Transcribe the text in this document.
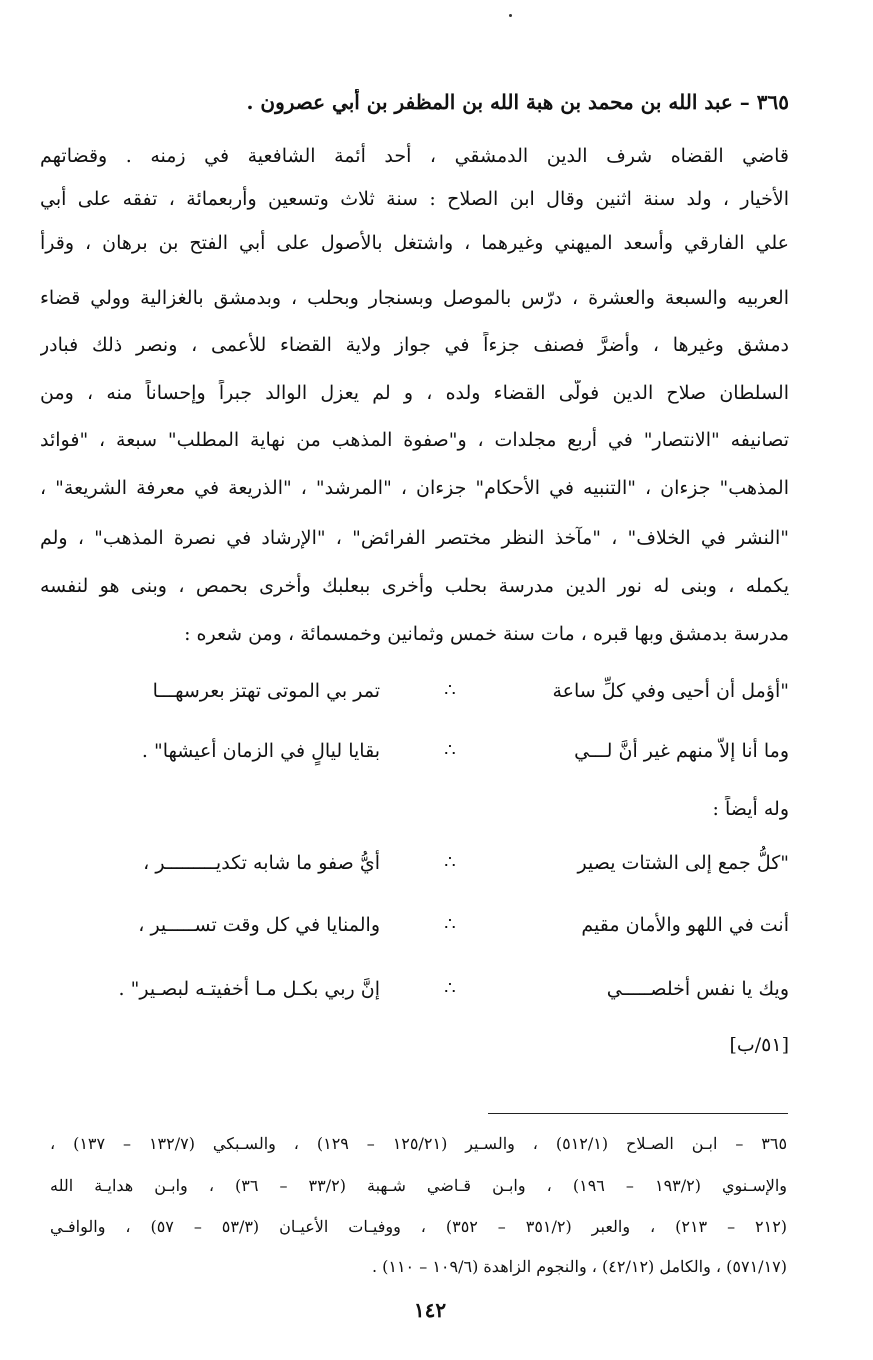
٣٦٥ – عبد الله بن محمد بن هبة الله بن المظفر بن أبي عصرون .
قاضي القضاه شرف الدين الدمشقي ، أحد أئمة الشافعية في زمنه . وقضاتهم
الأخيار ، ولد سنة اثنين وقال ابن الصلاح : سنة ثلاث وتسعين وأربعمائة ، تفقه على أبي
علي الفارقي وأسعد الميهني وغيرهما ، واشتغل بالأصول على أبي الفتح بن برهان ، وقرأ
العربيه والسبعة والعشرة ، درّس بالموصل وبسنجار وبحلب ، وبدمشق بالغزالية وولي قضاء
دمشق وغيرها ، وأضرَّ فصنف جزءاً في جواز ولاية القضاء للأعمى ، ونصر ذلك فبادر
السلطان صلاح الدين فولّى القضاء ولده ، و لم يعزل الوالد جبراً وإحساناً منه ، ومن
تصانيفه "الانتصار" في أربع مجلدات ، و"صفوة المذهب من نهاية المطلب" سبعة ، "فوائد
المذهب" جزءان ، "التنبيه في الأحكام" جزءان ، "المرشد" ، "الذريعة في معرفة الشريعة" ،
"النشر في الخلاف" ، "مآخذ النظر مختصر الفرائض" ، "الإرشاد في نصرة المذهب" ، ولم
يكمله ، وبنى له نور الدين مدرسة بحلب وأخرى ببعلبك وأخرى بحمص ، وبنى هو لنفسه
مدرسة بدمشق وبها قبره ، مات سنة خمس وثمانين وخمسمائة ، ومن شعره :
"أؤمل أن أحيى وفي كلِّ ساعة
∴
تمر بي الموتى تهتز بعرسهـــا
وما أنا إلاّ منهم غير أنَّ لـــي
∴
بقايا ليالٍ في الزمان أعيشها" .
وله أيضاً :
"كلُّ جمع إلى الشتات يصير
∴
أيُّ صفو ما شابه تكديـــــــــر ،
أنت في اللهو والأمان مقيم
∴
والمنايا في كل وقت تســـــير ،
ويك يا نفس أخلصـــــي
∴
إنَّ ربي بكـل مـا أخفيتـه لبصـير" .
[٥١/ب]
٣٦٥ – ابـن الصـلاح (٥١٢/١) ، والسـير (١٢٥/٢١ – ١٢٩) ، والسـبكي (١٣٢/٧ – ١٣٧) ،
والإسـنوي (١٩٣/٢ – ١٩٦) ، وابـن قـاضي شـهبة (٣٣/٢ – ٣٦) ، وابـن هدايـة الله
(٢١٢ – ٢١٣) ، والعبر (٣٥١/٢ – ٣٥٢) ، ووفيـات الأعيـان (٥٣/٣ – ٥٧) ، والوافـي
(٥٧١/١٧) ، والكامل (٤٢/١٢) ، والنجوم الزاهدة (١٠٩/٦ – ١١٠) .
١٤٢
